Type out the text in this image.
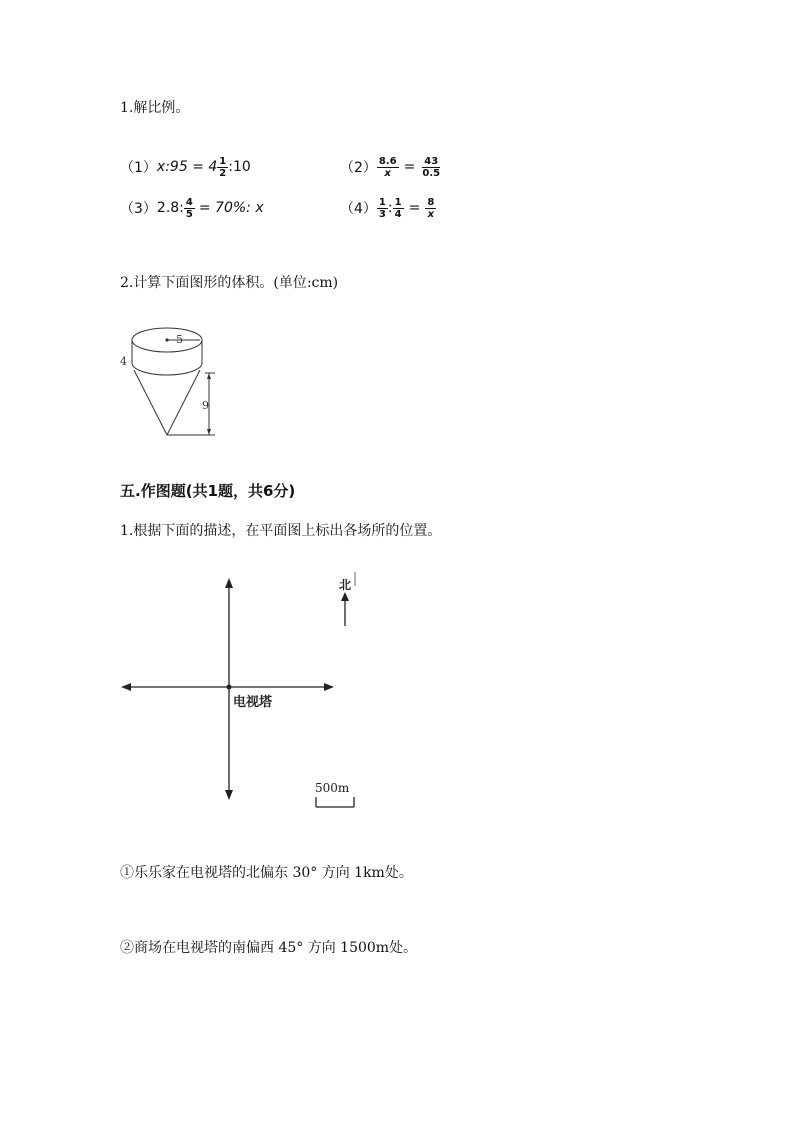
1.解比例。
（1） x:95 = $4 \frac{1}{2}$ :10	$(2) \frac{8.6}{x} = \frac{43}{0.5}$
（3） 2.8: $\frac{4}{5} = 70\%$: x	$(4) \frac{1}{3}$ : $\frac{1}{4} = \frac{8}{x}$
2.计算下面图形的体积。(单位:cm)
5
4
9
五.作图题(共1题，共6分)
1.根据下面的描述，在平面图上标出各场所的位置。
电视塔
北
500m
①乐乐家在电视塔的北偏东 30° 方向 1km处。
②商场在电视塔的南偏西 45° 方向 1500m处。
